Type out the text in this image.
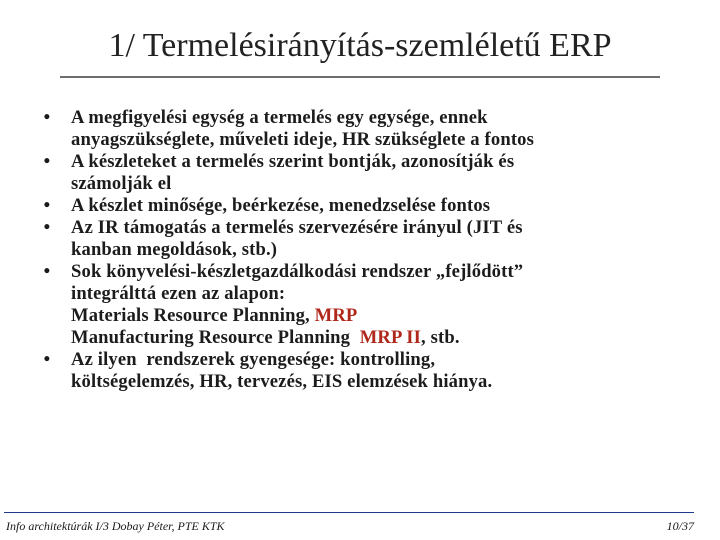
1/ Termelésirányítás-szemléletű ERP
• A megfigyelési egység a termelés egy egysége, ennek
anyagszükséglete, műveleti ideje, HR szükséglete a fontos
• A készleteket a termelés szerint bontják, azonosítják és
számolják el
• A készlet minősége, beérkezése, menedzselése fontos
• Az IR támogatás a termelés szervezésére irányul (JIT és
kanban megoldások, stb.)
• Sok könyvelési-készletgazdálkodási rendszer „fejlődött”
integrálttá ezen az alapon:
Materials Resource Planning, MRP
Manufacturing Resource Planning  MRP II, stb.
• Az ilyen  rendszerek gyengesége: kontrolling,
költségelemzés, HR, tervezés, EIS elemzések hiánya.
Info architektúrák I/3 Dobay Péter, PTE KTK	10/37
